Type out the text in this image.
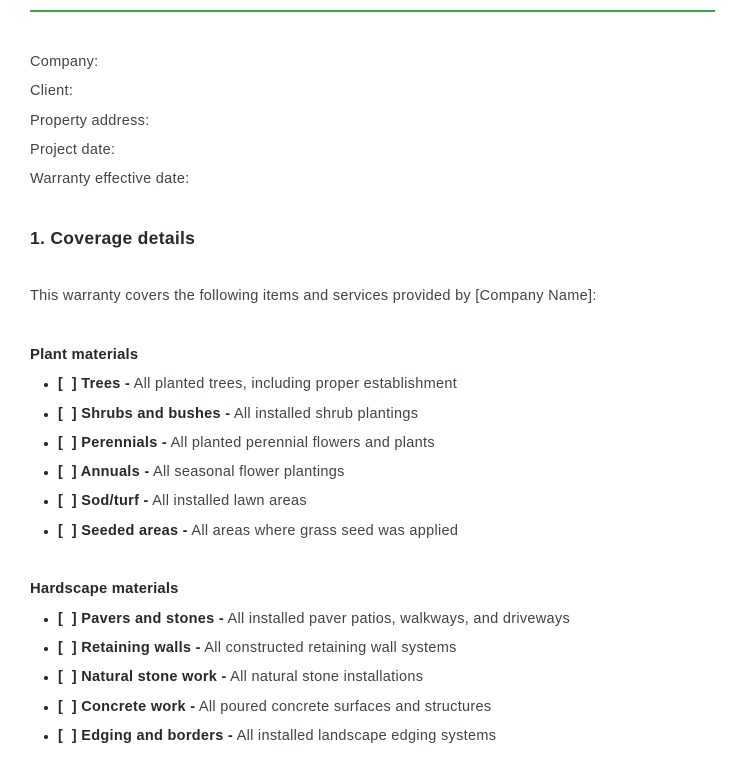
Company:

Client:

Property address:

Project date:

Warranty effective date:

1. Coverage details

This warranty covers the following items and services provided by [Company Name]:

Plant materials
• [  ] Trees - All planted trees, including proper establishment
• [  ] Shrubs and bushes - All installed shrub plantings
• [  ] Perennials - All planted perennial flowers and plants
• [  ] Annuals - All seasonal flower plantings
• [  ] Sod/turf - All installed lawn areas
• [  ] Seeded areas - All areas where grass seed was applied
Hardscape materials
• [  ] Pavers and stones - All installed paver patios, walkways, and driveways
• [  ] Retaining walls - All constructed retaining wall systems
• [  ] Natural stone work - All natural stone installations
• [  ] Concrete work - All poured concrete surfaces and structures
• [  ] Edging and borders - All installed landscape edging systems
